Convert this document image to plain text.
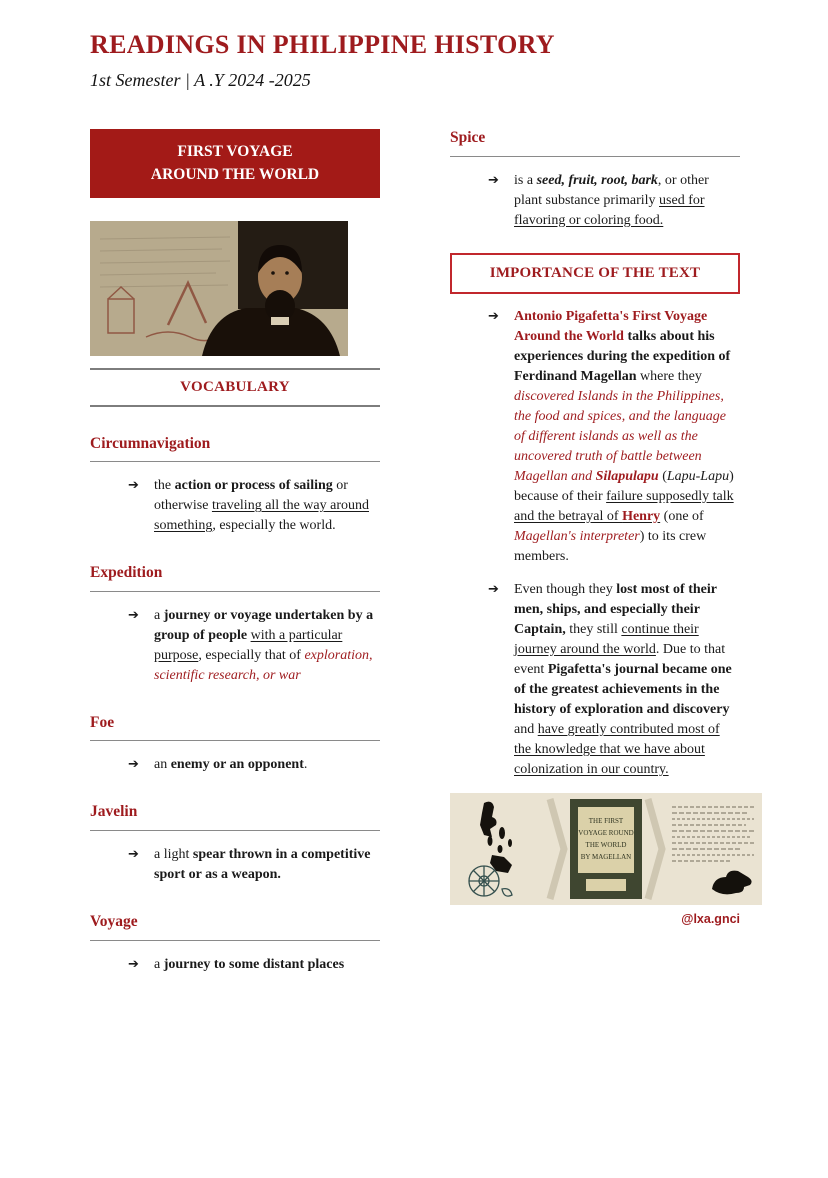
READINGS IN PHILIPPINE HISTORY
1st Semester | A .Y 2024 -2025
FIRST VOYAGE
AROUND THE WORLD
VOCABULARY
Circumnavigation
➔	the action or process of sailing or otherwise traveling all the way around something, especially the world.

Expedition
➔	a journey or voyage undertaken by a group of people with a particular purpose, especially that of exploration, scientific research, or war

Foe
➔	an enemy or an opponent.

Javelin
➔	a light spear thrown in a competitive sport or as a weapon.

Voyage
➔	a journey to some distant places

Spice
➔	is a seed, fruit, root, bark, or other plant substance primarily used for flavoring or coloring food.

IMPORTANCE OF THE TEXT
➔	Antonio Pigafetta's First Voyage Around the World talks about his experiences during the expedition of Ferdinand Magellan where they discovered Islands in the Philippines, the food and spices, and the language of different islands as well as the uncovered truth of battle between Magellan and Silapulapu (Lapu-Lapu) because of their failure supposedly talk and the betrayal of Henry (one of Magellan's interpreter) to its crew members.

➔	Even though they lost most of their men, ships, and especially their Captain, they still continue their journey around the world. Due to that event Pigafetta's journal became one of the greatest achievements in the history of exploration and discovery and have greatly contributed most of the knowledge that we have about colonization in our country.

THE FIRST
VOYAGE ROUND
THE WORLD
BY MAGELLAN
@lxa.gnci
